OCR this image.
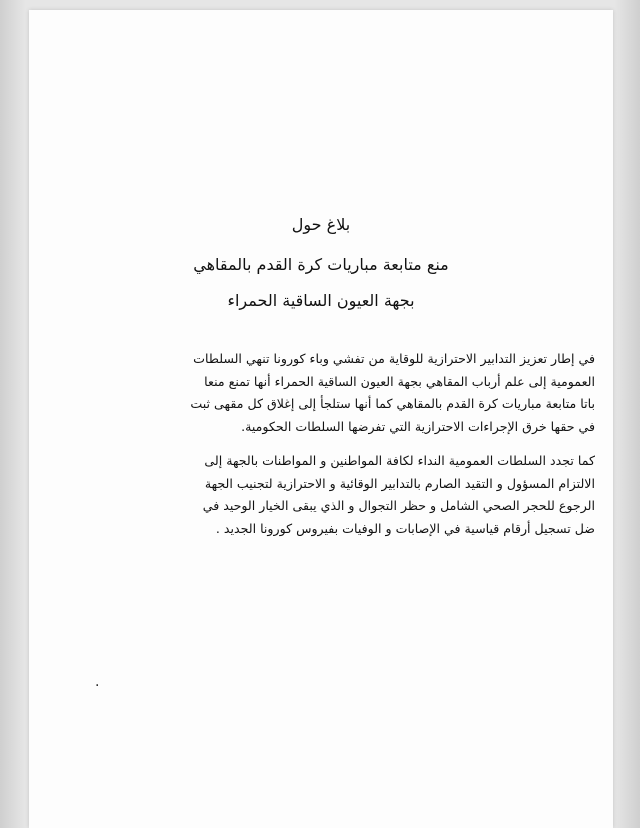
بلاغ حول
منع متابعة مباريات كرة القدم بالمقاهي
بجهة العيون الساقية الحمراء
في إطار تعزيز التدابير الاحترازية للوقاية من تفشي وباء كورونا تنهي السلطات
العمومية إلى علم أرباب المقاهي بجهة العيون الساقية الحمراء أنها تمنع منعا
باتا متابعة مباريات كرة القدم بالمقاهي كما أنها ستلجأ إلى إغلاق كل مقهى ثبت
في حقها خرق الإجراءات الاحترازية التي تفرضها السلطات الحكومية.
كما تجدد السلطات العمومية النداء لكافة المواطنين و المواطنات بالجهة إلى
الالتزام المسؤول و التقيد الصارم بالتدابير الوقائية و الاحترازية لتجنيب الجهة
الرجوع للحجر الصحي الشامل و حظر التجوال و الذي يبقى الخيار الوحيد في
ضل تسجيل أرقام قياسية في الإصابات و الوفيات بفيروس كورونا الجديد .
.
